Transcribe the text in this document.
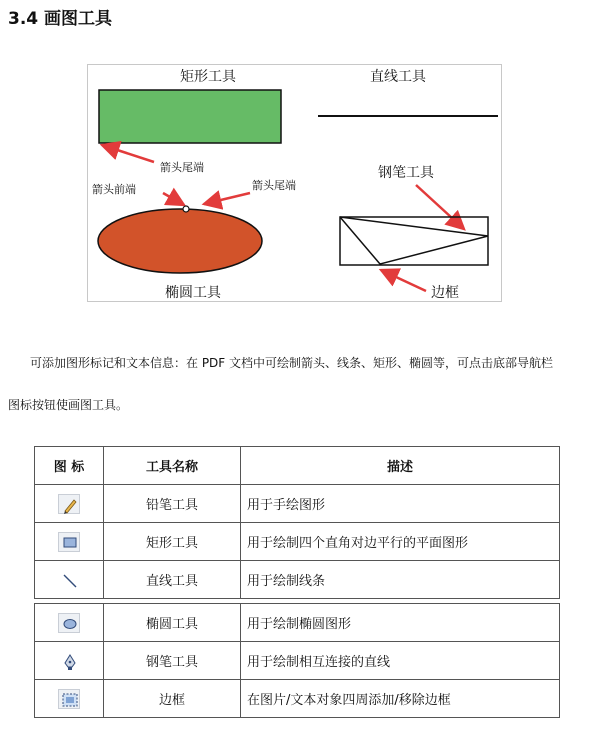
3.4 画图工具
矩形工具	直线工具
箭头尾端
箭头前端	箭头尾端
椭圆工具
钢笔工具
边框
可添加图形标记和文本信息：在 PDF 文档中可绘制箭头、线条、矩形、椭圆等，可点击底部导航栏
图标按钮使画图工具。
图 标	工具名称	描述

	铅笔工具	用于手绘图形

	矩形工具	用于绘制四个直角对边平行的平面图形

	直线工具	用于绘制线条

	椭圆工具	用于绘制椭圆图形

	钢笔工具	用于绘制相互连接的直线

	边框	在图片/文本对象四周添加/移除边框
